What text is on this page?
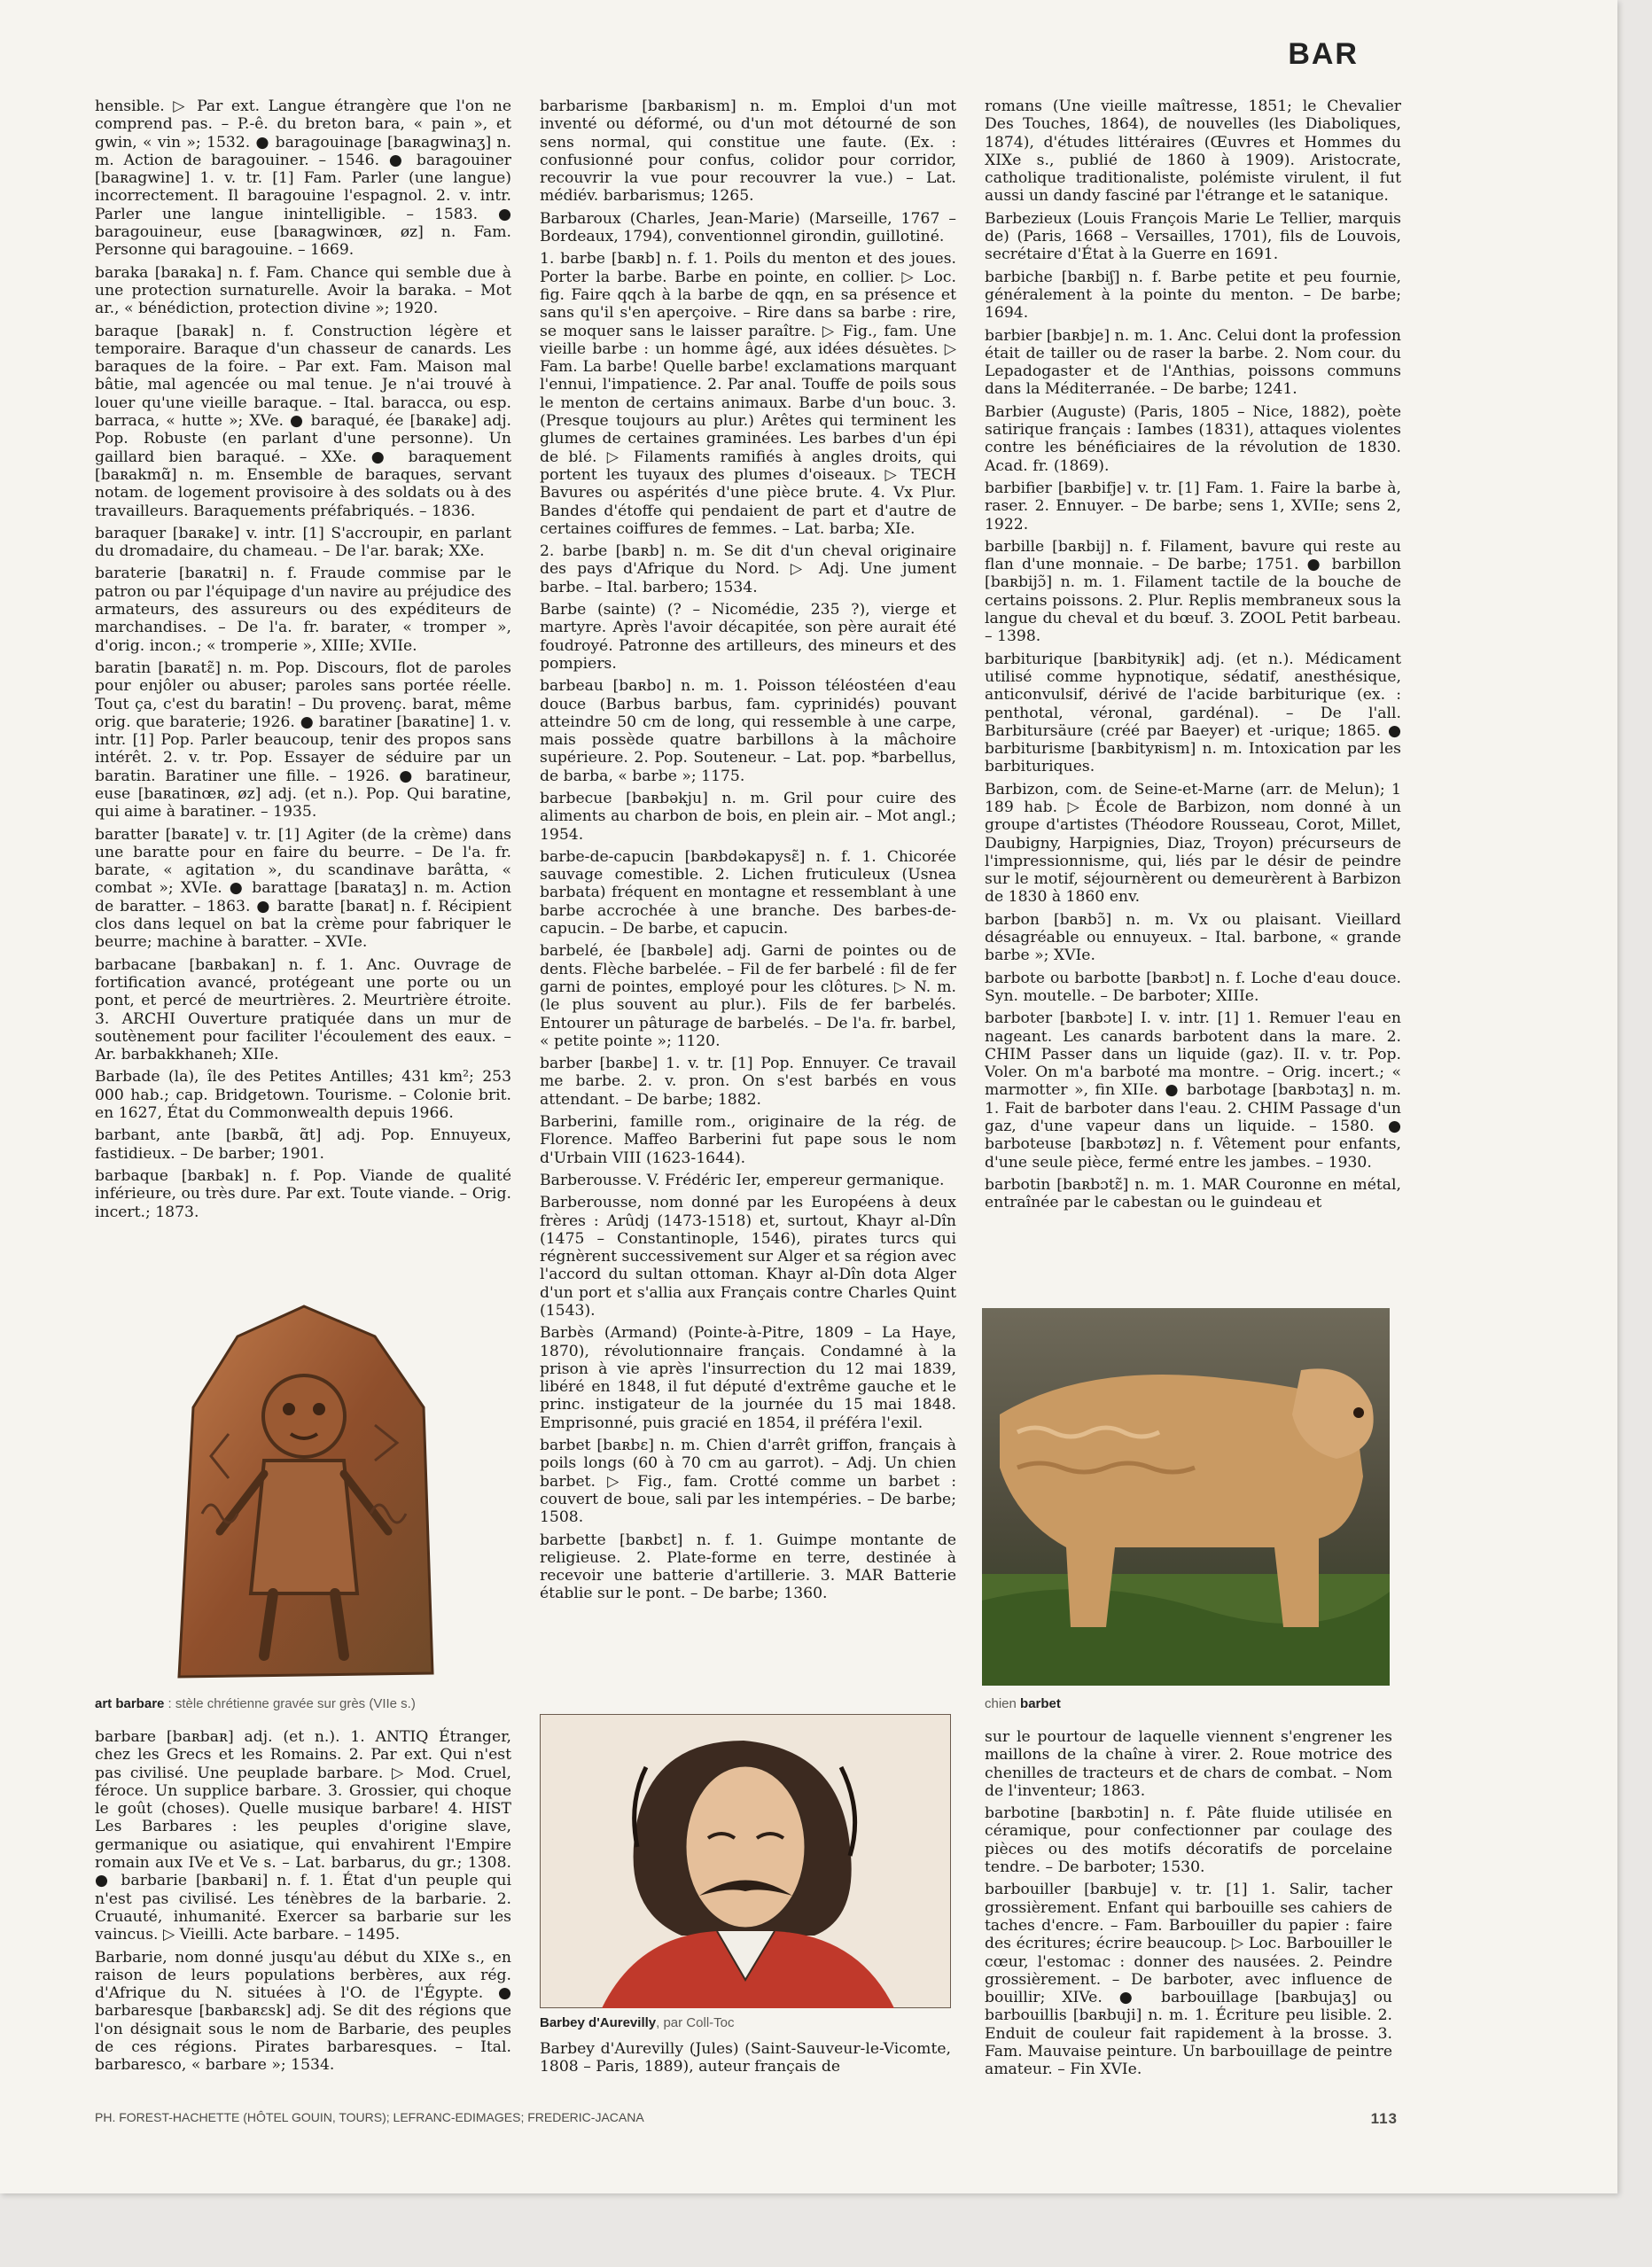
BAR

hensible. ▷ Par ext. Langue étrangère que l'on ne comprend pas. – P.-ê. du breton bara, « pain », et gwin, « vin »; 1532. ● baragouinage [baʀagwinaʒ] n. m. Action de baragouiner. – 1546. ● baragouiner [baʀagwine] 1. v. tr. [1] Fam. Parler (une langue) incorrectement. Il baragouine l'espagnol. 2. v. intr. Parler une langue inintelligible. – 1583. ● baragouineur, euse [baʀagwinœʀ, øz] n. Fam. Personne qui baragouine. – 1669.

baraka [baʀaka] n. f. Fam. Chance qui semble due à une protection surnaturelle. Avoir la baraka. – Mot ar., « bénédiction, protection divine »; 1920.

baraque [baʀak] n. f. Construction légère et temporaire. Baraque d'un chasseur de canards. Les baraques de la foire. – Par ext. Fam. Maison mal bâtie, mal agencée ou mal tenue. Je n'ai trouvé à louer qu'une vieille baraque. – Ital. baracca, ou esp. barraca, « hutte »; XVe. ● baraqué, ée [baʀake] adj. Pop. Robuste (en parlant d'une personne). Un gaillard bien baraqué. – XXe. ● baraquement [baʀakmɑ̃] n. m. Ensemble de baraques, servant notam. de logement provisoire à des soldats ou à des travailleurs. Baraquements préfabriqués. – 1836.

baraquer [baʀake] v. intr. [1] S'accroupir, en parlant du dromadaire, du chameau. – De l'ar. barak; XXe.

baraterie [baʀatʀi] n. f. Fraude commise par le patron ou par l'équipage d'un navire au préjudice des armateurs, des assureurs ou des expéditeurs de marchandises. – De l'a. fr. barater, « tromper », d'orig. incon.; « tromperie », XIIIe; XVIIe.

baratin [baʀatɛ̃] n. m. Pop. Discours, flot de paroles pour enjôler ou abuser; paroles sans portée réelle. Tout ça, c'est du baratin! – Du provenç. barat, même orig. que baraterie; 1926. ● baratiner [baʀatine] 1. v. intr. [1] Pop. Parler beaucoup, tenir des propos sans intérêt. 2. v. tr. Pop. Essayer de séduire par un baratin. Baratiner une fille. – 1926. ● baratineur, euse [baʀatinœʀ, øz] adj. (et n.). Pop. Qui baratine, qui aime à baratiner. – 1935.

baratter [baʀate] v. tr. [1] Agiter (de la crème) dans une baratte pour en faire du beurre. – De l'a. fr. barate, « agitation », du scandinave barâtta, « combat »; XVIe. ● barattage [baʀataʒ] n. m. Action de baratter. – 1863. ● baratte [baʀat] n. f. Récipient clos dans lequel on bat la crème pour fabriquer le beurre; machine à baratter. – XVIe.

barbacane [baʀbakan] n. f. 1. Anc. Ouvrage de fortification avancé, protégeant une porte ou un pont, et percé de meurtrières. 2. Meurtrière étroite. 3. ARCHI Ouverture pratiquée dans un mur de soutènement pour faciliter l'écoulement des eaux. – Ar. barbakkhaneh; XIIe.

Barbade (la), île des Petites Antilles; 431 km²; 253 000 hab.; cap. Bridgetown. Tourisme. – Colonie brit. en 1627, État du Commonwealth depuis 1966.

barbant, ante [baʀbɑ̃, ɑ̃t] adj. Pop. Ennuyeux, fastidieux. – De barber; 1901.

barbaque [baʀbak] n. f. Pop. Viande de qualité inférieure, ou très dure. Par ext. Toute viande. – Orig. incert.; 1873.

barbarisme [baʀbaʀism] n. m. Emploi d'un mot inventé ou déformé, ou d'un mot détourné de son sens normal, qui constitue une faute. (Ex. : confusionné pour confus, colidor pour corridor, recouvrir la vue pour recouvrer la vue.) – Lat. médiév. barbarismus; 1265.

Barbaroux (Charles, Jean-Marie) (Marseille, 1767 – Bordeaux, 1794), conventionnel girondin, guillotiné.

1. barbe [baʀb] n. f. 1. Poils du menton et des joues. Porter la barbe. Barbe en pointe, en collier. ▷ Loc. fig. Faire qqch à la barbe de qqn, en sa présence et sans qu'il s'en aperçoive. – Rire dans sa barbe : rire, se moquer sans le laisser paraître. ▷ Fig., fam. Une vieille barbe : un homme âgé, aux idées désuètes. ▷ Fam. La barbe! Quelle barbe! exclamations marquant l'ennui, l'impatience. 2. Par anal. Touffe de poils sous le menton de certains animaux. Barbe d'un bouc. 3. (Presque toujours au plur.) Arêtes qui terminent les glumes de certaines graminées. Les barbes d'un épi de blé. ▷ Filaments ramifiés à angles droits, qui portent les tuyaux des plumes d'oiseaux. ▷ TECH Bavures ou aspérités d'une pièce brute. 4. Vx Plur. Bandes d'étoffe qui pendaient de part et d'autre de certaines coiffures de femmes. – Lat. barba; XIe.

2. barbe [baʀb] n. m. Se dit d'un cheval originaire des pays d'Afrique du Nord. ▷ Adj. Une jument barbe. – Ital. barbero; 1534.

Barbe (sainte) (? – Nicomédie, 235 ?), vierge et martyre. Après l'avoir décapitée, son père aurait été foudroyé. Patronne des artilleurs, des mineurs et des pompiers.

barbeau [baʀbo] n. m. 1. Poisson téléostéen d'eau douce (Barbus barbus, fam. cyprinidés) pouvant atteindre 50 cm de long, qui ressemble à une carpe, mais possède quatre barbillons à la mâchoire supérieure. 2. Pop. Souteneur. – Lat. pop. *barbellus, de barba, « barbe »; 1175.

barbecue [baʀbəkju] n. m. Gril pour cuire des aliments au charbon de bois, en plein air. – Mot angl.; 1954.

barbe-de-capucin [baʀbdəkapysɛ̃] n. f. 1. Chicorée sauvage comestible. 2. Lichen fruticuleux (Usnea barbata) fréquent en montagne et ressemblant à une barbe accrochée à une branche. Des barbes-de-capucin. – De barbe, et capucin.

barbelé, ée [baʀbəle] adj. Garni de pointes ou de dents. Flèche barbelée. – Fil de fer barbelé : fil de fer garni de pointes, employé pour les clôtures. ▷ N. m. (le plus souvent au plur.). Fils de fer barbelés. Entourer un pâturage de barbelés. – De l'a. fr. barbel, « petite pointe »; 1120.

barber [baʀbe] 1. v. tr. [1] Pop. Ennuyer. Ce travail me barbe. 2. v. pron. On s'est barbés en vous attendant. – De barbe; 1882.

Barberini, famille rom., originaire de la rég. de Florence. Maffeo Barberini fut pape sous le nom d'Urbain VIII (1623-1644).

Barberousse. V. Frédéric Ier, empereur germanique.

Barberousse, nom donné par les Européens à deux frères : Arûdj (1473-1518) et, surtout, Khayr al-Dîn (1475 – Constantinople, 1546), pirates turcs qui régnèrent successivement sur Alger et sa région avec l'accord du sultan ottoman. Khayr al-Dîn dota Alger d'un port et s'allia aux Français contre Charles Quint (1543).

Barbès (Armand) (Pointe-à-Pitre, 1809 – La Haye, 1870), révolutionnaire français. Condamné à la prison à vie après l'insurrection du 12 mai 1839, libéré en 1848, il fut député d'extrême gauche et le princ. instigateur de la journée du 15 mai 1848. Emprisonné, puis gracié en 1854, il préféra l'exil.

barbet [baʀbɛ] n. m. Chien d'arrêt griffon, français à poils longs (60 à 70 cm au garrot). – Adj. Un chien barbet. ▷ Fig., fam. Crotté comme un barbet : couvert de boue, sali par les intempéries. – De barbe; 1508.

barbette [baʀbɛt] n. f. 1. Guimpe montante de religieuse. 2. Plate-forme en terre, destinée à recevoir une batterie d'artillerie. 3. MAR Batterie établie sur le pont. – De barbe; 1360.

romans (Une vieille maîtresse, 1851; le Chevalier Des Touches, 1864), de nouvelles (les Diaboliques, 1874), d'études littéraires (Œuvres et Hommes du XIXe s., publié de 1860 à 1909). Aristocrate, catholique traditionaliste, polémiste virulent, il fut aussi un dandy fasciné par l'étrange et le satanique.

Barbezieux (Louis François Marie Le Tellier, marquis de) (Paris, 1668 – Versailles, 1701), fils de Louvois, secrétaire d'État à la Guerre en 1691.

barbiche [baʀbiʃ] n. f. Barbe petite et peu fournie, généralement à la pointe du menton. – De barbe; 1694.

barbier [baʀbje] n. m. 1. Anc. Celui dont la profession était de tailler ou de raser la barbe. 2. Nom cour. du Lepadogaster et de l'Anthias, poissons communs dans la Méditerranée. – De barbe; 1241.

Barbier (Auguste) (Paris, 1805 – Nice, 1882), poète satirique français : Iambes (1831), attaques violentes contre les bénéficiaires de la révolution de 1830. Acad. fr. (1869).

barbifier [baʀbifje] v. tr. [1] Fam. 1. Faire la barbe à, raser. 2. Ennuyer. – De barbe; sens 1, XVIIe; sens 2, 1922.

barbille [baʀbij] n. f. Filament, bavure qui reste au flan d'une monnaie. – De barbe; 1751. ● barbillon [baʀbijɔ̃] n. m. 1. Filament tactile de la bouche de certains poissons. 2. Plur. Replis membraneux sous la langue du cheval et du bœuf. 3. ZOOL Petit barbeau. – 1398.

barbiturique [baʀbityʀik] adj. (et n.). Médicament utilisé comme hypnotique, sédatif, anesthésique, anticonvulsif, dérivé de l'acide barbiturique (ex. : penthotal, véronal, gardénal). – De l'all. Barbitursäure (créé par Baeyer) et -urique; 1865. ● barbiturisme [baʀbityʀism] n. m. Intoxication par les barbituriques.

Barbizon, com. de Seine-et-Marne (arr. de Melun); 1 189 hab. ▷ École de Barbizon, nom donné à un groupe d'artistes (Théodore Rousseau, Corot, Millet, Daubigny, Harpignies, Diaz, Troyon) précurseurs de l'impressionnisme, qui, liés par le désir de peindre sur le motif, séjournèrent ou demeurèrent à Barbizon de 1830 à 1860 env.

barbon [baʀbɔ̃] n. m. Vx ou plaisant. Vieillard désagréable ou ennuyeux. – Ital. barbone, « grande barbe »; XVIe.

barbote ou barbotte [baʀbɔt] n. f. Loche d'eau douce. Syn. moutelle. – De barboter; XIIIe.

barboter [baʀbɔte] I. v. intr. [1] 1. Remuer l'eau en nageant. Les canards barbotent dans la mare. 2. CHIM Passer dans un liquide (gaz). II. v. tr. Pop. Voler. On m'a barboté ma montre. – Orig. incert.; « marmotter », fin XIIe. ● barbotage [baʀbɔtaʒ] n. m. 1. Fait de barboter dans l'eau. 2. CHIM Passage d'un gaz, d'une vapeur dans un liquide. – 1580. ● barboteuse [baʀbɔtøz] n. f. Vêtement pour enfants, d'une seule pièce, fermé entre les jambes. – 1930.

barbotin [baʀbɔtɛ̃] n. m. 1. MAR Couronne en métal, entraînée par le cabestan ou le guindeau et

art barbare : stèle chrétienne gravée sur grès (VIIe s.)

barbare [baʀbaʀ] adj. (et n.). 1. ANTIQ Étranger, chez les Grecs et les Romains. 2. Par ext. Qui n'est pas civilisé. Une peuplade barbare. ▷ Mod. Cruel, féroce. Un supplice barbare. 3. Grossier, qui choque le goût (choses). Quelle musique barbare! 4. HIST Les Barbares : les peuples d'origine slave, germanique ou asiatique, qui envahirent l'Empire romain aux IVe et Ve s. – Lat. barbarus, du gr.; 1308. ● barbarie [baʀbaʀi] n. f. 1. État d'un peuple qui n'est pas civilisé. Les ténèbres de la barbarie. 2. Cruauté, inhumanité. Exercer sa barbarie sur les vaincus. ▷ Vieilli. Acte barbare. – 1495.

Barbarie, nom donné jusqu'au début du XIXe s., en raison de leurs populations berbères, aux rég. d'Afrique du N. situées à l'O. de l'Égypte. ● barbaresque [baʀbaʀɛsk] adj. Se dit des régions que l'on désignait sous le nom de Barbarie, des peuples de ces régions. Pirates barbaresques. – Ital. barbaresco, « barbare »; 1534.

Barbey d'Aurevilly, par Coll-Toc

Barbey d'Aurevilly (Jules) (Saint-Sauveur-le-Vicomte, 1808 – Paris, 1889), auteur français de

chien barbet

sur le pourtour de laquelle viennent s'engrener les maillons de la chaîne à virer. 2. Roue motrice des chenilles de tracteurs et de chars de combat. – Nom de l'inventeur; 1863.

barbotine [baʀbɔtin] n. f. Pâte fluide utilisée en céramique, pour confectionner par coulage des pièces ou des motifs décoratifs de porcelaine tendre. – De barboter; 1530.

barbouiller [baʀbuje] v. tr. [1] 1. Salir, tacher grossièrement. Enfant qui barbouille ses cahiers de taches d'encre. – Fam. Barbouiller du papier : faire des écritures; écrire beaucoup. ▷ Loc. Barbouiller le cœur, l'estomac : donner des nausées. 2. Peindre grossièrement. – De barboter, avec influence de bouillir; XIVe. ● barbouillage [baʀbujaʒ] ou barbouillis [baʀbuji] n. m. 1. Écriture peu lisible. 2. Enduit de couleur fait rapidement à la brosse. 3. Fam. Mauvaise peinture. Un barbouillage de peintre amateur. – Fin XVIe.

PH. FOREST-HACHETTE (HÔTEL GOUIN, TOURS); LEFRANC-EDIMAGES; FREDERIC-JACANA	113
